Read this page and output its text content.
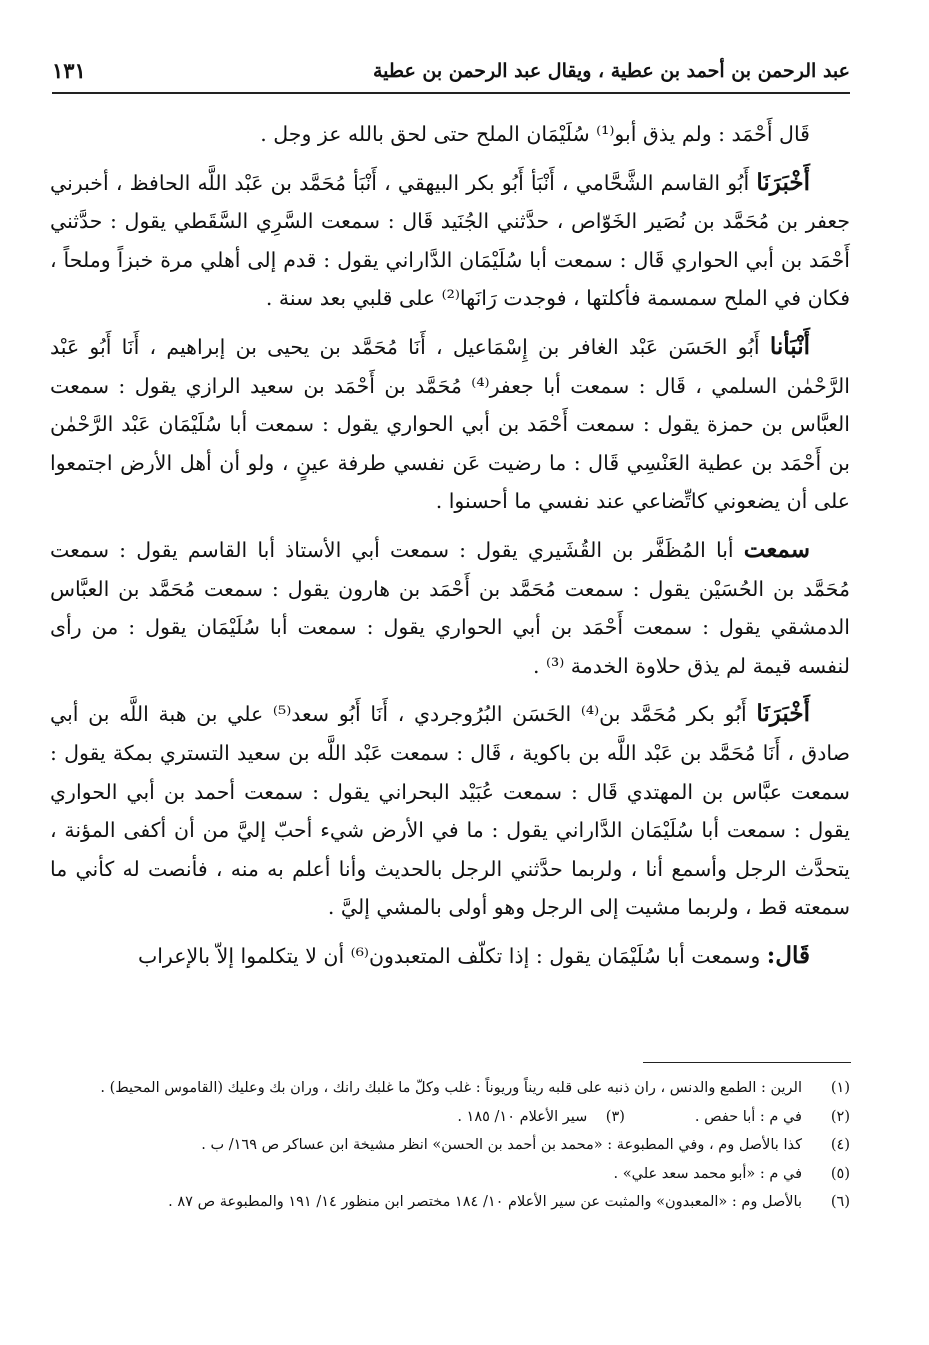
عبد الرحمن بن أحمد بن عطية ، ويقال عبد الرحمن بن عطية
١٣١

قَال أَحْمَد : ولم يذق أبو⁽¹⁾ سُلَيْمَان الملح حتى لحق بالله عز وجل .

أَخْبَرَنَا أَبُو القاسم الشَّحَّامي ، أَنْبَأ أَبُو بكر البيهقي ، أَنْبَأ مُحَمَّد بن عَبْد اللَّه الحافظ ، أخبرني جعفر بن مُحَمَّد بن نُصَير الخَوّاص ، حدَّثني الجُنَيد قَال : سمعت السَّرِي السَّقَطي يقول : حدَّثني أَحْمَد بن أبي الحواري قَال : سمعت أبا سُلَيْمَان الدَّاراني يقول : قدم إلى أهلي مرة خبزاً وملحاً ، فكان في الملح سمسمة فأكلتها ، فوجدت رَانَها⁽²⁾ على قلبي بعد سنة .

أَنْبَأنا أَبُو الحَسَن عَبْد الغافر بن إِسْمَاعيل ، أَنَا مُحَمَّد بن يحيى بن إبراهيم ، أَنَا أَبُو عَبْد الرَّحْمٰن السلمي ، قَال : سمعت أبا جعفر⁽⁴⁾ مُحَمَّد بن أَحْمَد بن سعيد الرازي يقول : سمعت العبَّاس بن حمزة يقول : سمعت أَحْمَد بن أبي الحواري يقول : سمعت أبا سُلَيْمَان عَبْد الرَّحْمٰن بن أَحْمَد بن عطية العَنْسِي قَال : ما رضيت عَن نفسي طرفة عينٍ ، ولو أن أهل الأرض اجتمعوا على أن يضعوني كاتِّضاعي عند نفسي ما أحسنوا .

سمعت أبا المُظَفَّر بن القُشَيري يقول : سمعت أبي الأستاذ أبا القاسم يقول : سمعت مُحَمَّد بن الحُسَيْن يقول : سمعت مُحَمَّد بن أَحْمَد بن هارون يقول : سمعت مُحَمَّد بن العبَّاس الدمشقي يقول : سمعت أَحْمَد بن أبي الحواري يقول : سمعت أبا سُلَيْمَان يقول : من رأى لنفسه قيمة لم يذق حلاوة الخدمة ⁽³⁾ .

أَخْبَرَنَا أَبُو بكر مُحَمَّد بن⁽⁴⁾ الحَسَن البُرُوجردي ، أَنَا أَبُو سعد⁽⁵⁾ علي بن هبة اللَّه بن أبي صادق ، أَنَا مُحَمَّد بن عَبْد اللَّه بن باكوية ، قَال : سمعت عَبْد اللَّه بن سعيد التستري بمكة يقول : سمعت عبَّاس بن المهتدي قَال : سمعت عُبَيْد البحراني يقول : سمعت أحمد بن أبي الحواري يقول : سمعت أبا سُلَيْمَان الدَّاراني يقول : ما في الأرض شيء أحبّ إليَّ من أن أكفى المؤنة ، يتحدَّث الرجل وأسمع أنا ، ولربما حدَّثني الرجل بالحديث وأنا أعلم به منه ، فأنصت له كأني ما سمعته قط ، ولربما مشيت إلى الرجل وهو أولى بالمشي إليَّ .

قَال: وسمعت أبا سُلَيْمَان يقول : إذا تكلّف المتعبدون⁽⁶⁾ أن لا يتكلموا إلاّ بالإعراب

(١)
الرين : الطمع والدنس ، ران ذنبه على قلبه ريناً وريوناً : غلب وكلّ ما غلبك رانك ، وران بك وعليك (القاموس المحيط) .
(٢)
في م : أبا حفص .(٣)    سير الأعلام ١٠/ ١٨٥ .
(٤)
كذا بالأصل وم ، وفي المطبوعة : «محمد بن أحمد بن الحسن» انظر مشيخة ابن عساكر ص ١٦٩/ ب .
(٥)
في م : «أبو محمد سعد علي» .
(٦)
بالأصل وم : «المعبدون» والمثبت عن سير الأعلام ١٠/ ١٨٤ مختصر ابن منظور ١٤/ ١٩١ والمطبوعة ص ٨٧ .
